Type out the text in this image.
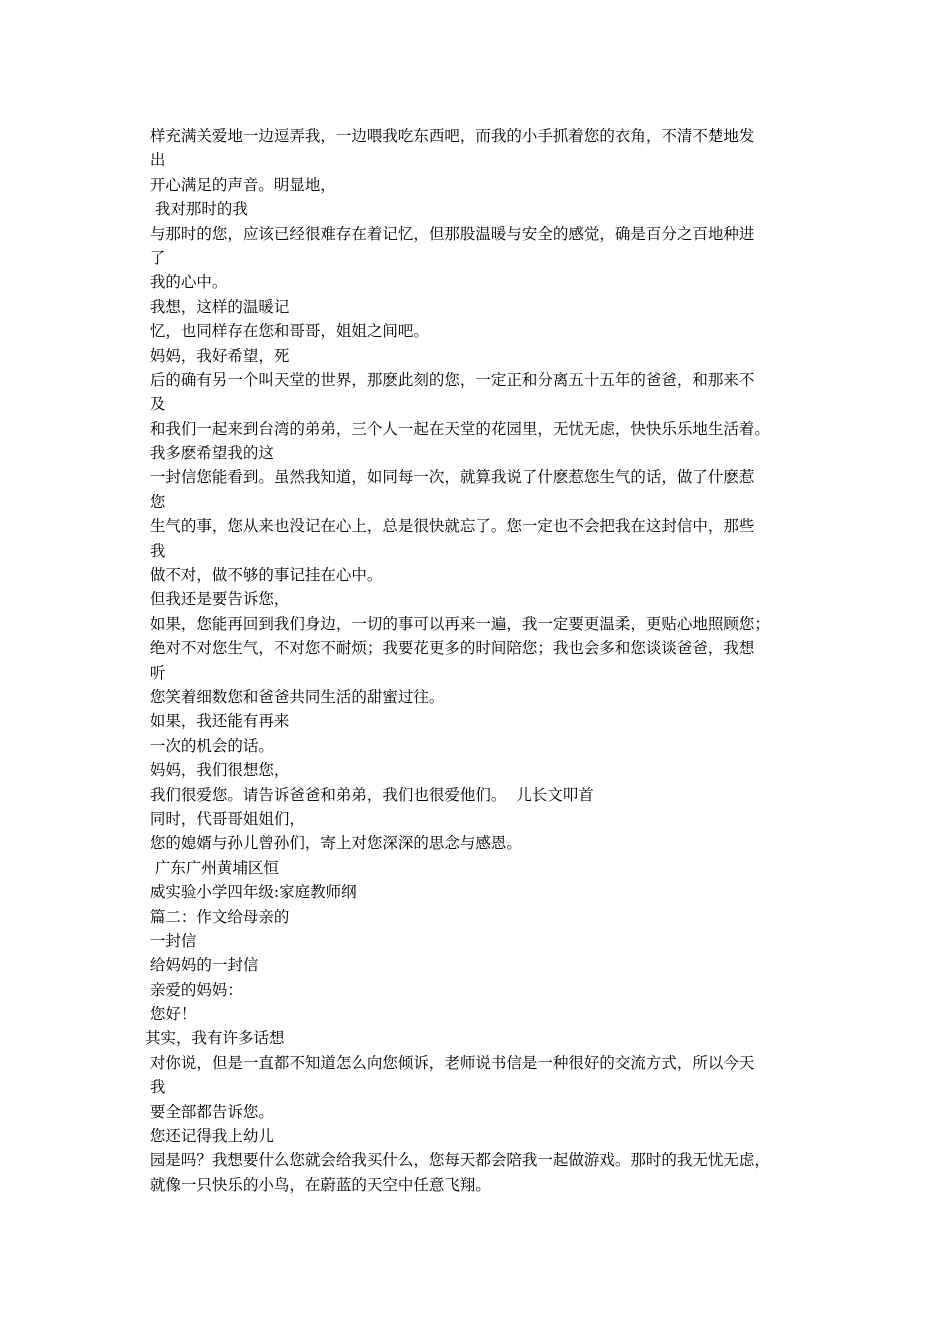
样充满关爱地一边逗弄我，一边喂我吃东西吧，而我的小手抓着您的衣角，不清不楚地发
出
开心满足的声音。明显地，
我对那时的我
与那时的您，应该已经很难存在着记忆，但那股温暖与安全的感觉，确是百分之百地种进
了
我的心中。
我想，这样的温暖记
忆，也同样存在您和哥哥，姐姐之间吧。
妈妈，我好希望，死
后的确有另一个叫天堂的世界，那麽此刻的您，一定正和分离五十五年的爸爸，和那来不
及
和我们一起来到台湾的弟弟，三个人一起在天堂的花园里，无忧无虑，快快乐乐地生活着。
我多麽希望我的这
一封信您能看到。虽然我知道，如同每一次，就算我说了什麽惹您生气的话，做了什麽惹
您
生气的事，您从来也没记在心上，总是很快就忘了。您一定也不会把我在这封信中，那些
我
做不对，做不够的事记挂在心中。
但我还是要告诉您，
如果，您能再回到我们身边，一切的事可以再来一遍，我一定要更温柔，更贴心地照顾您；
绝对不对您生气，不对您不耐烦；我要花更多的时间陪您；我也会多和您谈谈爸爸，我想
听
您笑着细数您和爸爸共同生活的甜蜜过往。
如果，我还能有再来
一次的机会的话。
妈妈，我们很想您，
我们很爱您。请告诉爸爸和弟弟，我们也很爱他们。  儿长文叩首
同时，代哥哥姐姐们，
您的媳婿与孙儿曾孙们，寄上对您深深的思念与感恩。
广东广州黄埔区恒
威实验小学四年级:家庭教师纲
篇二：作文给母亲的
一封信
给妈妈的一封信
亲爱的妈妈：
您好！
其实，我有许多话想
对你说，但是一直都不知道怎么向您倾诉，老师说书信是一种很好的交流方式，所以今天
我
要全部都告诉您。
您还记得我上幼儿
园是吗？我想要什么您就会给我买什么，您每天都会陪我一起做游戏。那时的我无忧无虑，
就像一只快乐的小鸟，在蔚蓝的天空中任意飞翔。
